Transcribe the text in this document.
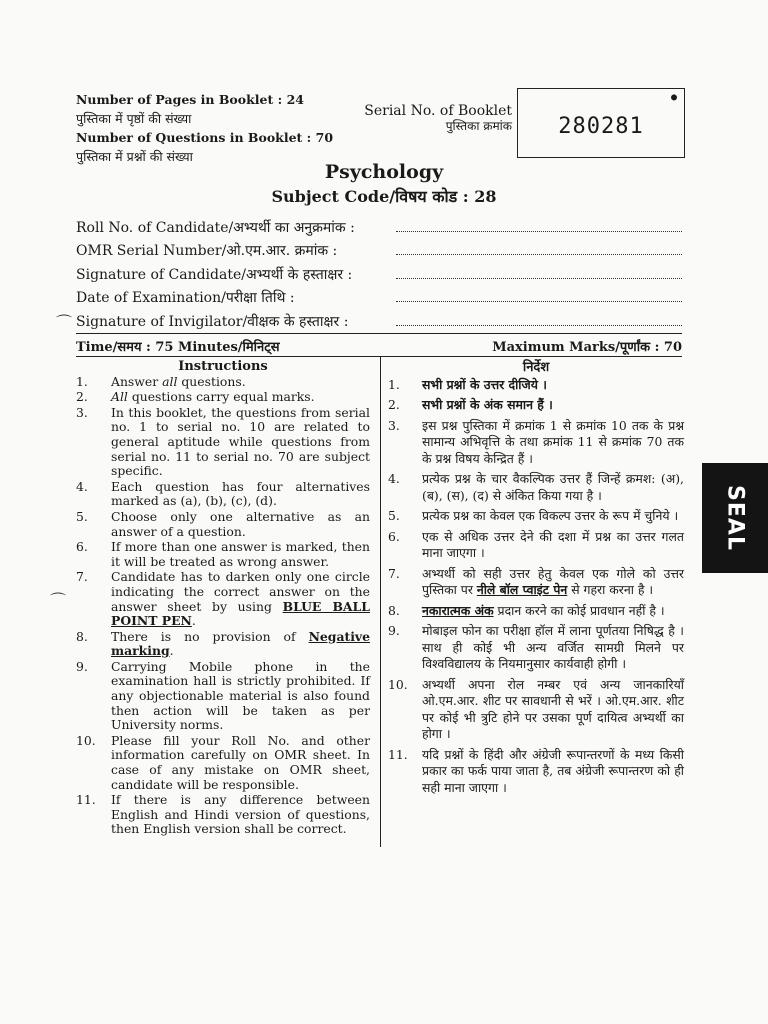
Number of Pages in Booklet : 24
पुस्तिका में पृष्ठों की संख्या
Number of Questions in Booklet : 70
पुस्तिका में प्रश्नों की संख्या
Serial No. of Booklet
पुस्तिका क्रमांक
●
280281
Psychology
Subject Code/विषय कोड : 28
Roll No. of Candidate/अभ्यर्थी का अनुक्रमांक :
OMR Serial Number/ओ.एम.आर. क्रमांक :
Signature of Candidate/अभ्यर्थी के हस्ताक्षर :
Date of Examination/परीक्षा तिथि :
Signature of Invigilator/वीक्षक के हस्ताक्षर :
⌒
Time/समय : 75 Minutes/मिनिट्स	Maximum Marks/पूर्णांक : 70
Instructions
1.	Answer all questions.
2.	All questions carry equal marks.
3.	In this booklet, the questions from serial no. 1 to serial no. 10 are related to general aptitude while questions from serial no. 11 to serial no. 70 are subject specific.
4.	Each question has four alternatives marked as (a), (b), (c), (d).
5.	Choose only one alternative as an answer of a question.
6.	If more than one answer is marked, then it will be treated as wrong answer.
7.	Candidate has to darken only one circle indicating the correct answer on the answer sheet by using BLUE BALL POINT PEN.
8.	There is no provision of Negative marking.
9.	Carrying Mobile phone in the examination hall is strictly prohibited. If any objectionable material is also found then action will be taken as per University norms.
10.	Please fill your Roll No. and other information carefully on OMR sheet. In case of any mistake on OMR sheet, candidate will be responsible.
11.	If there is any difference between English and Hindi version of questions, then English version shall be correct.
⌒
निर्देश
1.	सभी प्रश्नों के उत्तर दीजिये ।
2.	सभी प्रश्नों के अंक समान हैं ।
3.	इस प्रश्न पुस्तिका में क्रमांक 1 से क्रमांक 10 तक के प्रश्न सामान्य अभिवृत्ति के तथा क्रमांक 11 से क्रमांक 70 तक के प्रश्न विषय केन्द्रित हैं ।
4.	प्रत्येक प्रश्न के चार वैकल्पिक उत्तर हैं जिन्हें क्रमश: (अ), (ब), (स), (द) से अंकित किया गया है ।
5.	प्रत्येक प्रश्न का केवल एक विकल्प उत्तर के रूप में चुनिये ।
6.	एक से अधिक उत्तर देने की दशा में प्रश्न का उत्तर गलत माना जाएगा ।
7.	अभ्यर्थी को सही उत्तर हेतु केवल एक गोले को उत्तर पुस्तिका पर नीले बॉल प्वाइंट पेन से गहरा करना है ।
8.	नकारात्मक अंक प्रदान करने का कोई प्रावधान नहीं है ।
9.	मोबाइल फोन का परीक्षा हॉल में लाना पूर्णतया निषिद्ध है । साथ ही कोई भी अन्य वर्जित सामग्री मिलने पर विश्वविद्यालय के नियमानुसार कार्यवाही होगी ।
10.	अभ्यर्थी अपना रोल नम्बर एवं अन्य जानकारियाँ ओ.एम.आर. शीट पर सावधानी से भरें । ओ.एम.आर. शीट पर कोई भी त्रुटि होने पर उसका पूर्ण दायित्व अभ्यर्थी का होगा ।
11.	यदि प्रश्नों के हिंदी और अंग्रेजी रूपान्तरणों के मध्य किसी प्रकार का फर्क पाया जाता है, तब अंग्रेजी रूपान्तरण को ही सही माना जाएगा ।
SEAL
